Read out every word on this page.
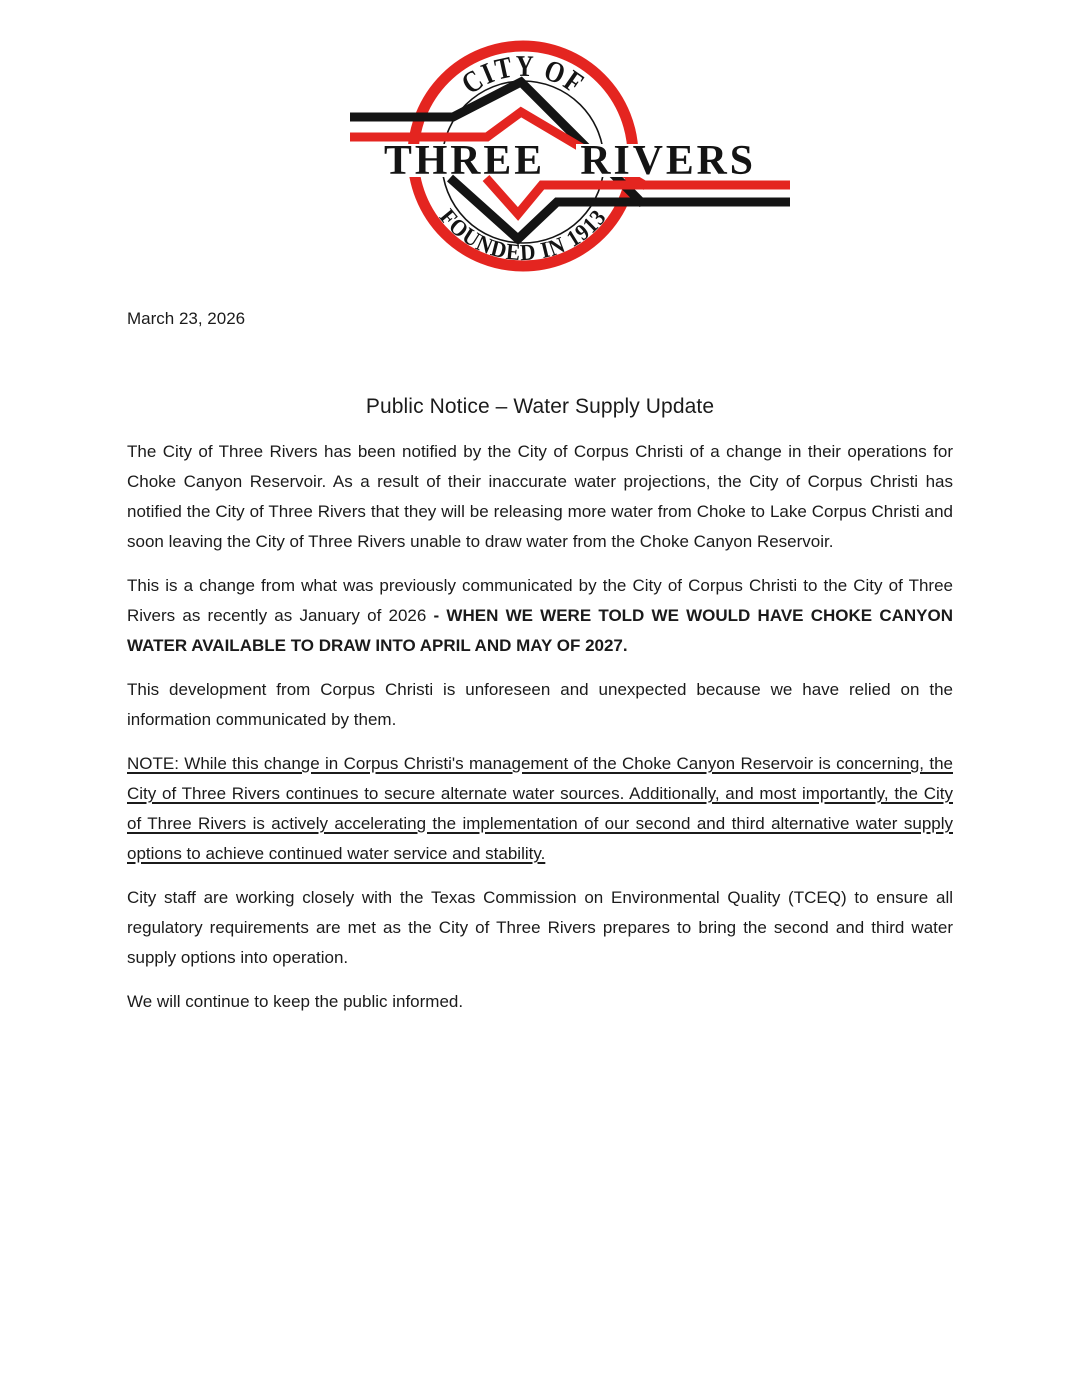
CITY OF
FOUNDED IN 1913
THREE RIVERS
March 23, 2026
Public Notice – Water Supply Update

The City of Three Rivers has been notified by the City of Corpus Christi of a change in their operations for Choke Canyon Reservoir. As a result of their inaccurate water projections, the City of Corpus Christi has notified the City of Three Rivers that they will be releasing more water from Choke to Lake Corpus Christi and soon leaving the City of Three Rivers unable to draw water from the Choke Canyon Reservoir.

This is a change from what was previously communicated by the City of Corpus Christi to the City of Three Rivers as recently as January of 2026 - WHEN WE WERE TOLD WE WOULD HAVE CHOKE CANYON WATER AVAILABLE TO DRAW INTO APRIL AND MAY OF 2027.

This development from Corpus Christi is unforeseen and unexpected because we have relied on the information communicated by them.

NOTE: While this change in Corpus Christi's management of the Choke Canyon Reservoir is concerning, the City of Three Rivers continues to secure alternate water sources. Additionally, and most importantly, the City of Three Rivers is actively accelerating the implementation of our second and third alternative water supply options to achieve continued water service and stability.

City staff are working closely with the Texas Commission on Environmental Quality (TCEQ) to ensure all regulatory requirements are met as the City of Three Rivers prepares to bring the second and third water supply options into operation.

We will continue to keep the public informed.
